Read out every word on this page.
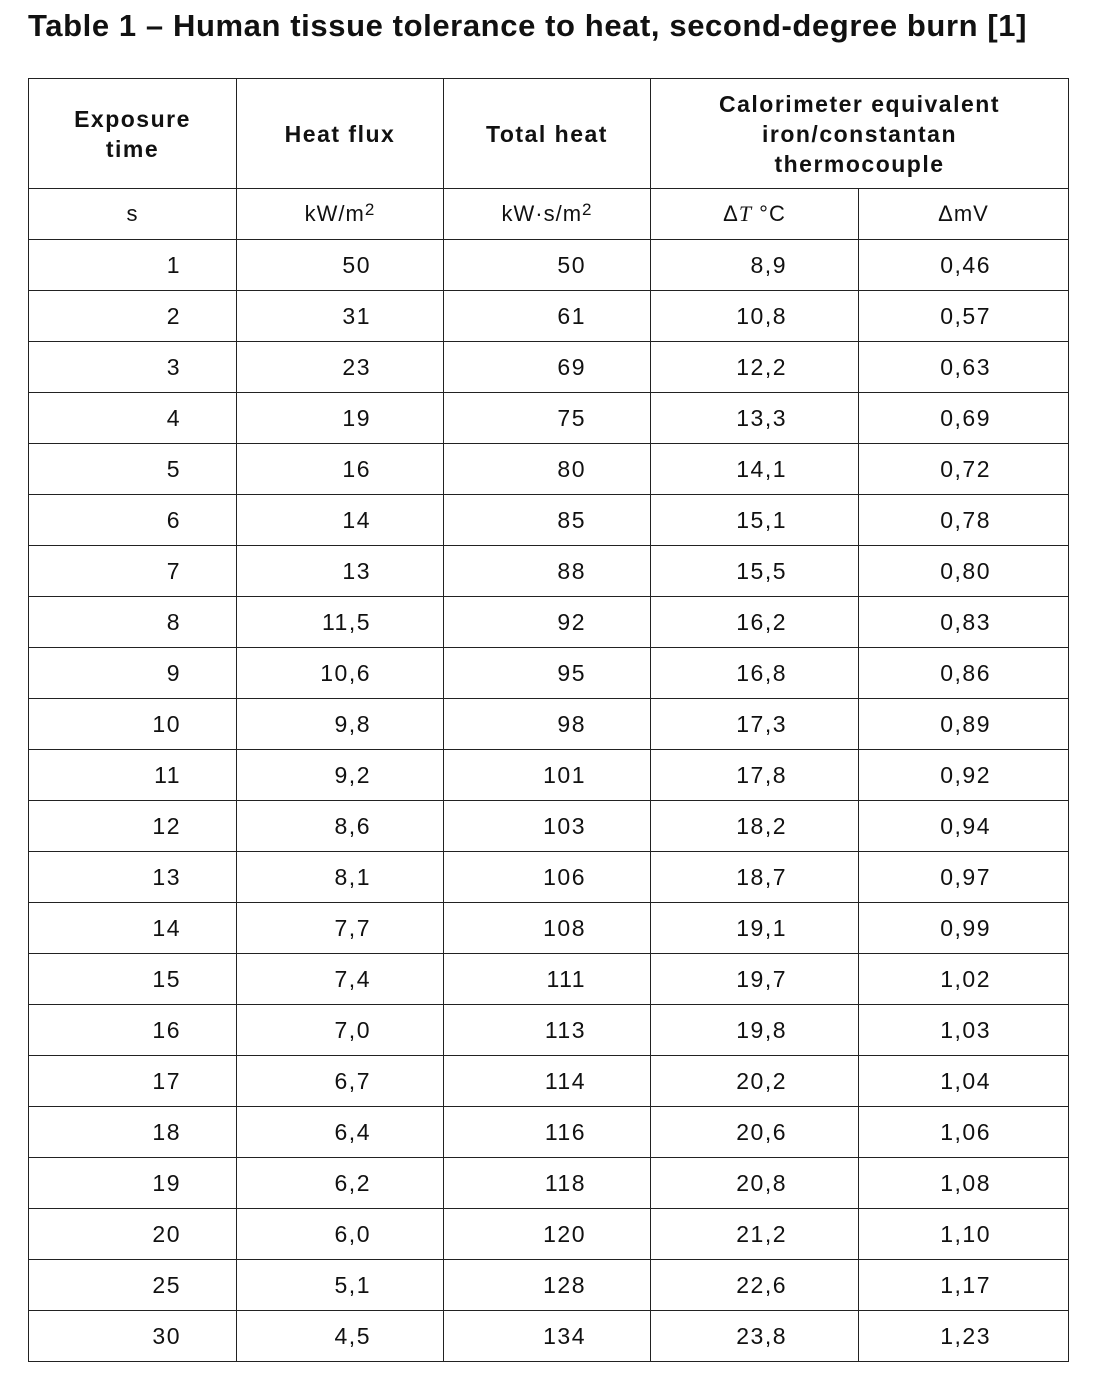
Table 1 – Human tissue tolerance to heat, second-degree burn [1]
Exposure time	Heat flux	Total heat	Calorimeter equivalent iron/constantan thermocouple	

s	$kW/m^2$	$kW\cdot s/m^2$	ΔT °C	ΔmV
1	50	50	8,9	0,46
2	31	61	10,8	0,57
3	23	69	12,2	0,63
4	19	75	13,3	0,69
5	16	80	14,1	0,72
6	14	85	15,1	0,78
7	13	88	15,5	0,80
8	11,5	92	16,2	0,83
9	10,6	95	16,8	0,86
10	9,8	98	17,3	0,89
11	9,2	101	17,8	0,92
12	8,6	103	18,2	0,94
13	8,1	106	18,7	0,97
14	7,7	108	19,1	0,99
15	7,4	111	19,7	1,02
16	7,0	113	19,8	1,03
17	6,7	114	20,2	1,04
18	6,4	116	20,6	1,06
19	6,2	118	20,8	1,08
20	6,0	120	21,2	1,10
25	5,1	128	22,6	1,17
30	4,5	134	23,8	1,23
